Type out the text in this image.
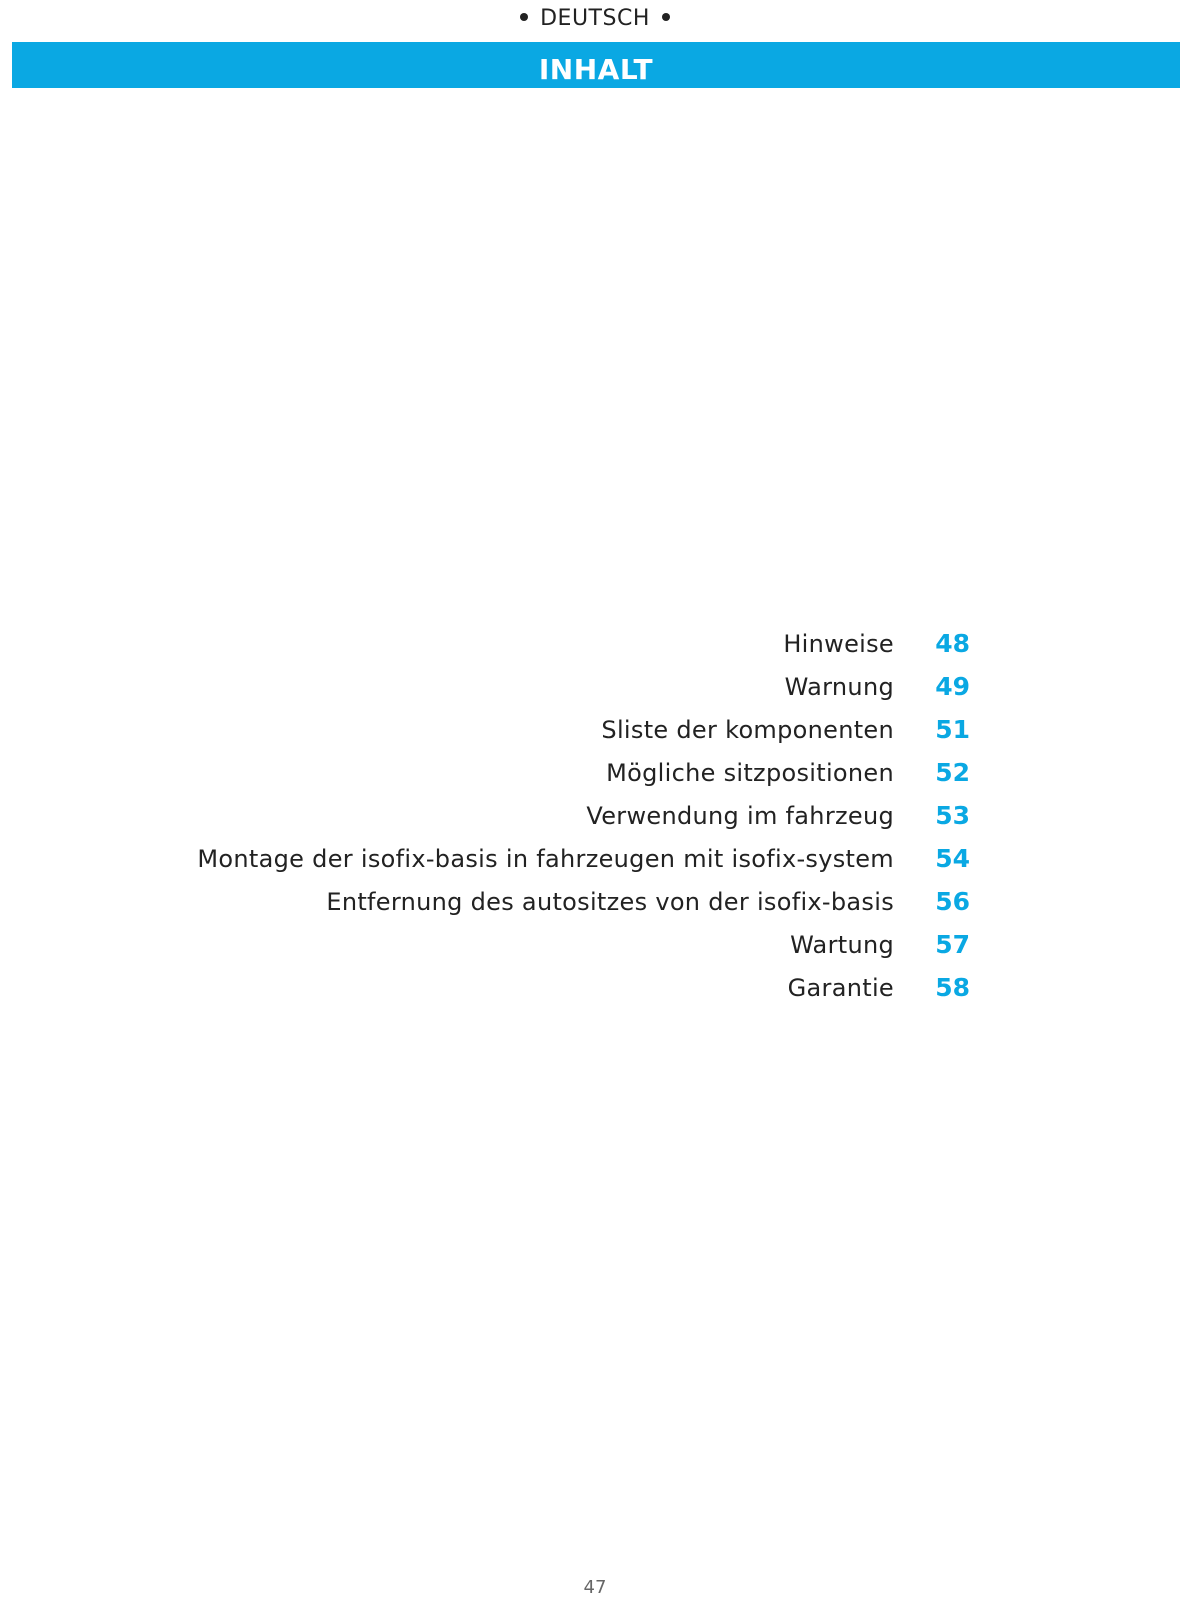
DEUTSCH
INHALT
Hinweise	48
Warnung	49
Sliste der komponenten	51
Mögliche sitzpositionen	52
Verwendung im fahrzeug	53
Montage der isofix-basis in fahrzeugen mit isofix-system	54
Entfernung des autositzes von der isofix-basis	56
Wartung	57
Garantie	58
47
